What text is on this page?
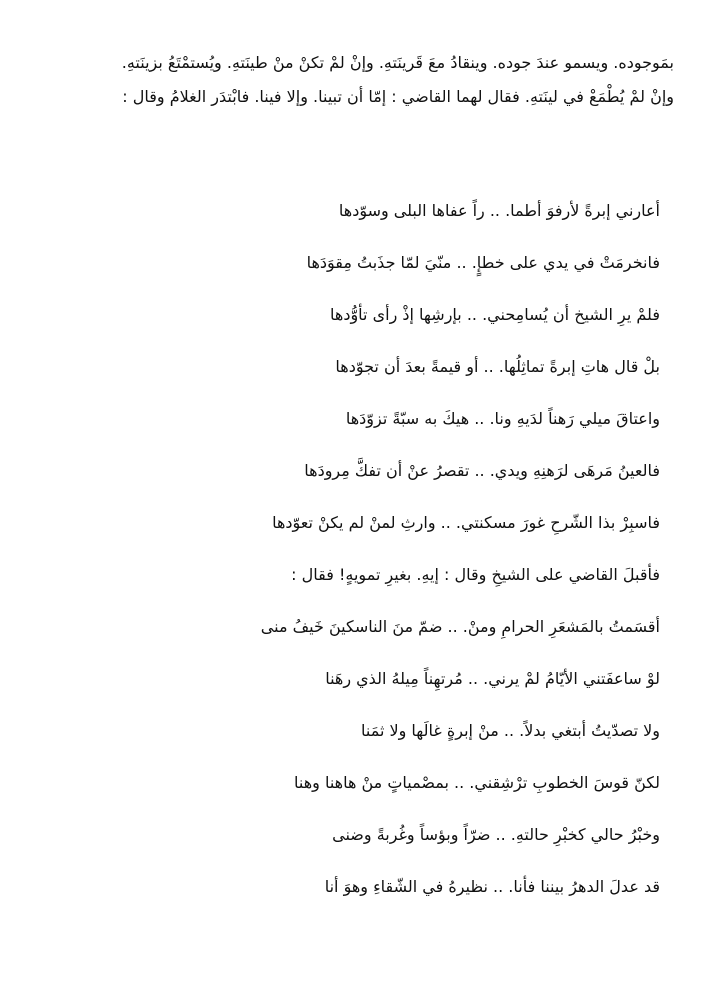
بمَوجوده. ويسمو عندَ جوده. وينقادُ معَ قَرينَتهِ. وإنْ لمْ تكنْ منْ طينَتهِ. ويُستمْتَعُ بزينَتهِ.

وإنْ لمْ يُطْمَعْ في لينَتهِ. فقال لهما القاضي : إمّا أن تبينا. وإلا فينا. فابْتدَر الغلامُ وقال :

أعارني إبرةً لأرفوَ أطما. .. راً عفاها البلى وسوّدها

فانخرمَتْ في يدي على خطإٍ. .. منّيَ لمّا جذَبتُ مِقوَدَها

فلمْ يرِ الشيخ أن يُسامِحني. .. بإرشِها إذْ رأى تأوُّدها

بلْ قال هاتِ إبرةً تماثِلُها. .. أو قيمةً بعدَ أن تجوّدها

واعتاقَ ميلي رَهناً لدَيهِ ونا. .. هيكَ به سبّةً تزوّدَها

فالعينُ مَرهَى لرَهنِهِ ويدي. .. تقصرُ عنْ أن تفكَّ مِرودَها

فاسبِرْ بذا الشّرحِ غورَ مسكنتي. .. وارثِ لمنْ لم يكنْ تعوّدها

فأقبلَ القاضي على الشيخِ وقال : إيهِ. بغيرِ تمويهٍ! فقال :

أقسَمتُ بالمَشعَرِ الحرامِ ومنْ. .. ضمّ منَ الناسكينَ خَيفُ منى

لوْ ساعفَتني الأيّامُ لمْ يرني. .. مُرتهِناً مِيلهُ الذي رهَنا

ولا تصدّيتُ أبتغي بدلاً. .. منْ إبرةٍ غالَها ولا ثمَنا

لكنّ قوسَ الخطوبِ ترْشِقني. .. بمصْمياتٍ منْ هاهنا وهنا

وخبْرُ حالي كخبْرِ حالتهِ. .. ضرّاً وبؤساً وغُربةً وضنى

قد عدلَ الدهرُ بيننا فأنا. .. نظيرهُ في الشّقاءِ وهوَ أنا
